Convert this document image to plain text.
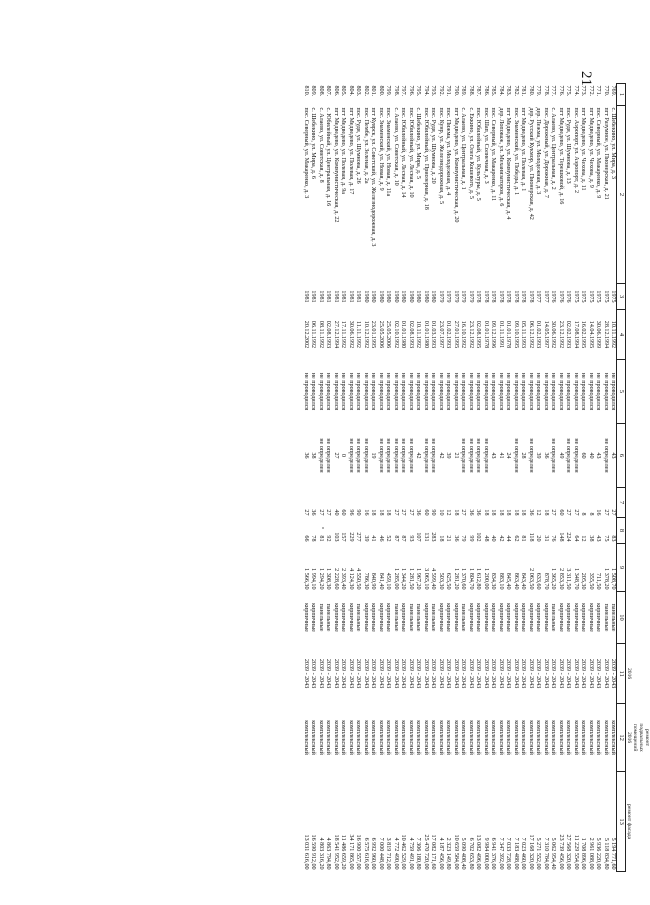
21
										2016	ремонт
подвальных
помещений
2016	ремонт фасада
1	2	3	4	5	6	7	8	9	10	11	12	13
769.	с. Шебекино, ул. Мира, д. 3	1975	10.11.1992	не проводился	43	27	83	1 508,70	панельные	2039 - 2043	комплексный	5 194 771,60
770.	пгт Разумное, ул. Пионерская, д. 21	1975	28.12.1994	не проводился	не определен	27	75	1 378,20	панельные	2039 - 2043	комплексный	5 118 834,80
771.	пос. Северный, ул. Макаренко, д. 9	1975	30.06.1999	не проводился	43	16	43	711,50	кирпичные	2039 - 2043	комплексный	5 936 220,00
772.	пгт Медведево, ул. Чехова, д. 9	1975	14.04.1995	не проводился	40	8	38	355,50	кирпичные	2039 - 2043	комплексный	2 961 088,00
773.	пгт Медведево, ул. Чехова, д. 11	1975	16.02.1995	не проводился	60	8	12	205,30	кирпичные	2039 - 2043	комплексный	1 708 896,00
774.	пос. Аэропорт, ул. Аэропорт, д. 2	1975	17.08.1994	не проводился	не определен	27	64	1 348,70	кирпичные	2039 - 2043	комплексный	11 229 554,00
775.	пос. Рудя, ул. Шумнова, д. 13	1976	02.02.1993	не проводился	не определен	27	224	3 311,50	кирпичные	2039 - 2043	комплексный	27 568 320,00
776.	пгт Медведево, ул. Терешковой, д. 16	1976	23.12.1992	не проводился	49	60	148	2 853,30	кирпичные	2039 - 2043	комплексный	23 739 456,00
777.	с. Алаево, ул. Центральная, д. 2	1976	30.06.1992	не проводился	не определен	27	76	1 365,20	панельные	2039 - 2043	комплексный	5 062 954,40
778.	пос. Дорожный, ул. Дорожная, д. 7	1977	14.05.1997	не проводился	36	18	31	878,70	кирпичные	2039 - 2043	комплексный	7 310 784,00
779.	дер. Пежма, ул. Молодежная, д. 3	1977	01.02.1993	не проводился	39	12	20	633,60	кирпичные	2039 - 2043	комплексный	5 271 552,00
780.	дер. Русский Кукмор, ул. Пионерская, д. 42	1978	06.12.1992	не проводился	не определен	36	118	2 063,50	кирпичные	2039 - 2043	комплексный	17 168 320,00
781.	пгт Медведево, ул. Полевая, д. 1	1978	05.11.1993	не проводился	28	18	81	843,40	кирпичные	2039 - 2043	комплексный	7 023 460,00
782.	пос. Знаменский, ул. Победы, д. 1	1978	09.10.1995	не проводился	не определен	18	62	863,40	кирпичные	2039 - 2043	комплексный	7 183 488,00
783.	пгт Медведево, ул. Коммунистическая, д. 4	1978	01.01.1978	не проводился	24	18	44	845,40	кирпичные	2039 - 2043	комплексный	7 033 728,00
784.	дер. Лоповаж, ул. Механизаторов, д. 6	1978	01.11.1991	не проводился	41	18	42	883,10	кирпичные	2039 - 2043	комплексный	7 347 392,00
785.	пос. Северный, ул. Макаренко, д. 11	1978	09.12.1996	не проводился	43	18	40	834,30	кирпичные	2039 - 2043	комплексный	6 941 376,00
786.	пос. Шап, ул. Солнечная, д. 3	1978	01.01.1978	не проводился	не определен	18	48	1 200,00	кирпичные	2039 - 2043	комплексный	9 984 000,00
787.	пос. Юбилейный, ул. Культуры, д. 5	1978	02.08.1995	не проводился	не определен	36	102	1 612,80	кирпичные	2039 - 2043	комплексный	13 082 496,00
788.	с. Еккино, ул. Олега Кошевого, д. 5	1979	23.12.1992	не проводился	не определен	36	99	1 804,70	кирпичные	2039 - 2043	комплексный	6 702 653,80
789.	с. Алаево, ул. Центральная, д. 1	1979	16.10.1992	не проводился	не определен	27	79	1 370,60	панельные	2039 - 2043	комплексный	5 090 408,40
790.	пгт Медведево, ул. Коммунистическая, д. 20	1979	27.01.1995	не проводился	21	18	36	1 281,20	кирпичные	2039 - 2043	комплексный	10 659 584,00
791.	пос. Пижма, ул. Молодежная, д. 4	1979	01.02.1993	не проводился	39	12	21	625,50	кирпичные	2039 - 2043	комплексный	2 323 149,80
792.	пос. Кунр, ул. Железнодорожная, д. 5	1979	23.07.1997	не проводился	42	10	18	503,30	кирпичные	2039 - 2043	комплексный	4 187 456,00
793.	пос. Рудя, ул. Шумнова, д. 20	1980	01.03.1993	не проводился	не определен	90	283	4 599,40	панельные	2039 - 2043	комплексный	17 082 171,60
794.	пос. Юбилейный, ул. Приозерная, д. 18	1980	01.01.1980	не проводился	не определен	60	131	3 065,10	кирпичные	2039 - 2043	комплексный	25 470 720,00
795.	с. Шебекино, ул. Мира, д. 5	1980	10.11.1992	не проводился	42	36	107	1 967,20	панельные	2039 - 2043	комплексный	7 306 180,80
796.	пос. Юбилейный, ул. Лесная, д. 10	1980	02.08.1993	не проводился	не определен	27	93	1 281,50	панельные	2039 - 2043	комплексный	4 759 491,00
797.	пос. Юбилейный, ул. Лесная, д. 14	1980	01.01.1980	не проводился	не определен	27	87	1 344,20	кирпичные	2039 - 2043	комплексный	10 462 529,00
798.	с. Алаево, ул. Советская, д. 10	1980	02.10.1992	не проводился	не определен	27	87	1 285,00	панельные	2039 - 2043	комплексный	4 772 490,00
799.	пос. Знаменский, ул. Новая, д. 11а	1980	25.05.2006	не проводился	не определен	18	52	459,10	кирпичные	2039 - 2043	комплексный	3 819 712,00
800.	пос. Знаменский, ул. Новая, д. 9	1980	25.05.2006	не проводился	не определен	18	46	841,40	кирпичные	2039 - 2043	комплексный	7 000 448,00
801.	пгт Куярск, ул. Советский, ул. Железнодорожная, д. 3	1980	23.01.1995	не проводился	19	18	41	840,90	кирпичные	2039 - 2043	комплексный	6 992 960,00
802.	пос. Пембе, ул. Зеленая, д. 2а	1980	10.12.1992	не проводился	не определен	16	39	786,30	кирпичные	2039 - 2043	комплексный	6 575 616,00
803.	пос. Рудя, ул. Шумнова, д. 26	1981	11.11.1992	не проводился	не определен	90	277	4 550,50	панельные	2039 - 2043	комплексный	16 900 557,00
804.	пгт Медведево, ул. Полевая, д. 17	1981	30.06.1992	не проводился	не определен	96	229	4 124,30	кирпичные	2039 - 2043	комплексный	34 171 865,00
805.	пгт Медведево, ул. Полевая, д. 9а	1981	17.11.1992	не проводился	0	60	157	2 393,40	кирпичные	2039 - 2043	комплексный	11 486 659,20
806.	пгт Медведево, ул. Коммунистическая, д. 22	1981	27.12.1994	не проводился	27	40	103	2 228,60	кирпичные	2039 - 2043	комплексный	18 541 952,00
807.	с. Юбилейный, ул. Центральная, д. 16	1981	02.08.1993	не проводился	не определен	27	92	1 308,30	панельные	2039 - 2043	комплексный	4 863 794,80
808.	с. Алаево, ул. Советская, д. 8	1981	08.11.1992	не проводился	не определен	27	81	1 294,20	панельные	2039 - 2043	комплексный	4 803 316,20
809.	с. Шебекино, ул. Мира, д. 6	1981	06.11.1992	не проводился	38	36	78	1 994,10	кирпичные	2039 - 2043	комплексный	16 590 912,00
810.	пос. Северный, ул. Макаренко, д. 3	1981	20.12.2002	не проводился	36	27	66	1 566,30	кирпичные	2039 - 2043	комплексный	13 031 616,00
